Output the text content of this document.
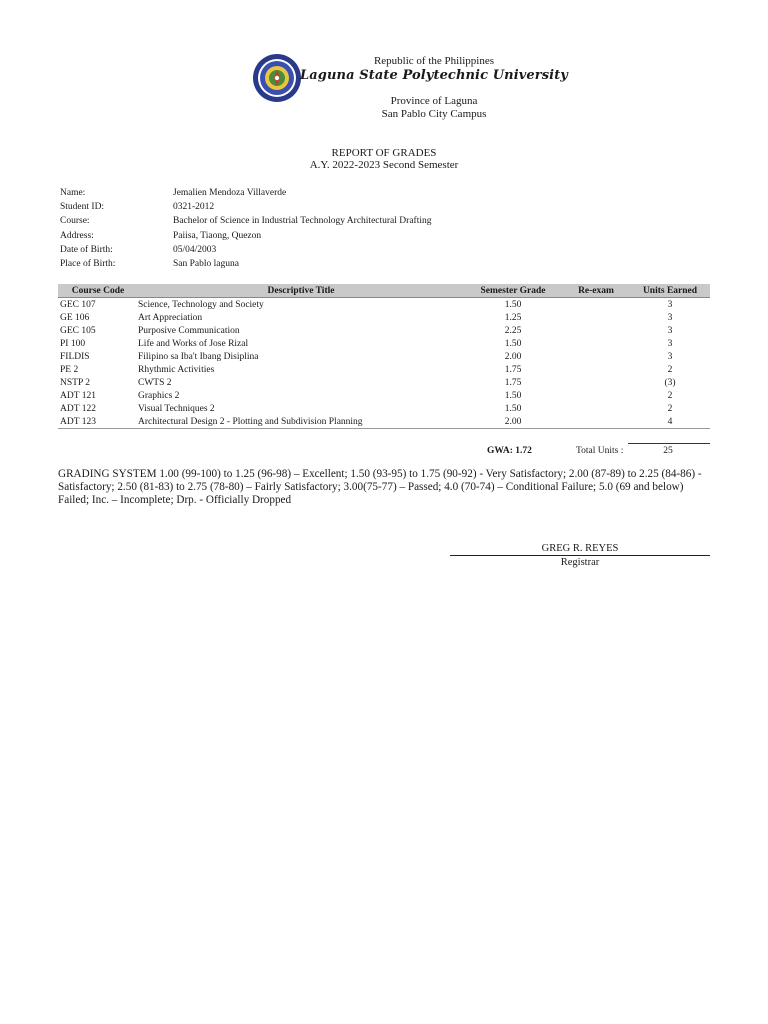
Republic of the Philippines
Laguna State Polytechnic University
Province of Laguna
San Pablo City Campus
REPORT OF GRADES
A.Y. 2022-2023 Second Semester
Name:	Jemalien Mendoza Villaverde
Student ID:	0321-2012
Course:	Bachelor of Science in Industrial Technology Architectural Drafting
Address:	Paiisa, Tiaong, Quezon
Date of Birth:	05/04/2003
Place of Birth:	San Pablo laguna
Course Code	Descriptive Title	Semester Grade	Re-exam	Units Earned
GEC 107	Science, Technology and Society	1.50		3
GE 106	Art Appreciation	1.25		3
GEC 105	Purposive Communication	2.25		3
PI 100	Life and Works of Jose Rizal	1.50		3
FILDIS	Filipino sa Iba't Ibang Disiplina	2.00		3
PE 2	Rhythmic Activities	1.75		2
NSTP 2	CWTS 2	1.75		(3)
ADT 121	Graphics 2	1.50		2
ADT 122	Visual Techniques 2	1.50		2
ADT 123	Architectural Design 2 - Plotting and Subdivision Planning	2.00		4
GWA: 1.72	Total Units :	25
GRADING SYSTEM 1.00 (99-100) to 1.25 (96-98) – Excellent; 1.50 (93-95) to 1.75 (90-92) - Very Satisfactory; 2.00 (87-89) to 2.25 (84-86) - Satisfactory; 2.50 (81-83) to 2.75 (78-80) – Fairly Satisfactory; 3.00(75-77) – Passed; 4.0 (70-74) – Conditional Failure; 5.0 (69 and below) Failed; Inc. – Incomplete; Drp. - Officially Dropped
GREG R. REYES
Registrar
